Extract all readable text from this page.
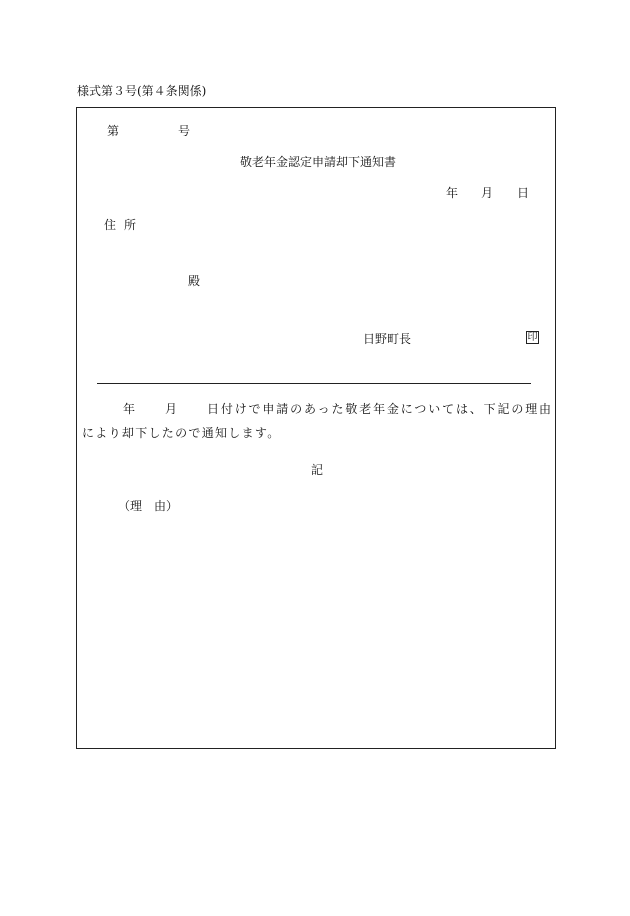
様式第３号(第４条関係)
第	号
敬老年金認定申請却下通知書
年 月 日
住所
殿
日野町長	印
年 月 日付けで申請のあった敬老年金については、下記の理由
により却下したので通知します。
記
（理　由）
